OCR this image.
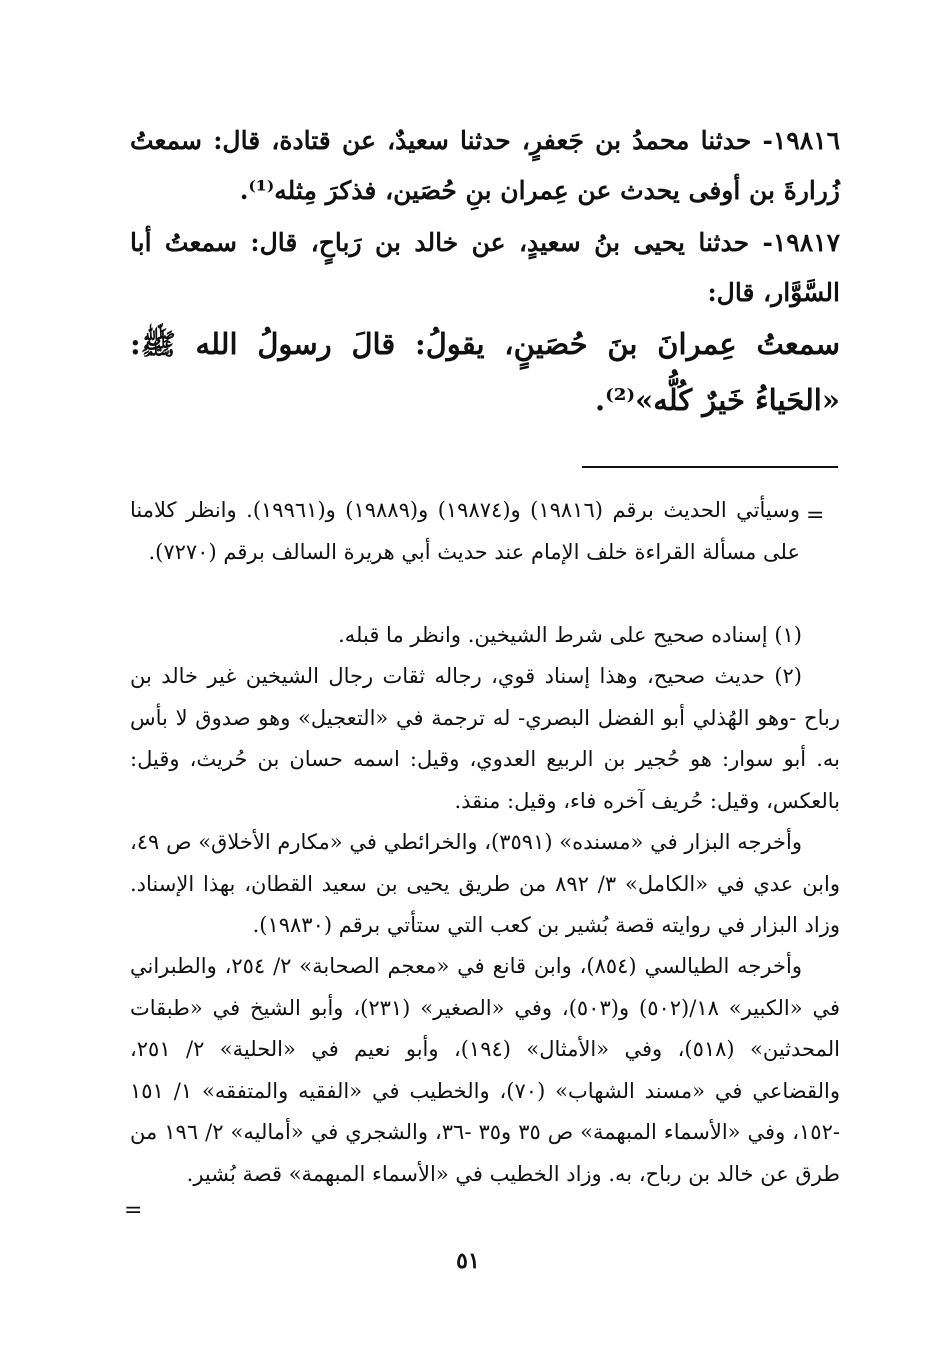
١٩٨١٦- حدثنا محمدُ بن جَعفرٍ، حدثنا سعيدٌ، عن قتادة، قال: سمعتُ زُرارةَ بن أوفى يحدث عن عِمران بنِ حُصَين، فذكرَ مِثله⁽¹⁾.

١٩٨١٧- حدثنا يحيى بنُ سعيدٍ، عن خالد بن رَباحٍ، قال: سمعتُ أبا السَّوَّار، قال:

سمعتُ عِمرانَ بنَ حُصَينٍ، يقولُ: قالَ رسولُ الله ﷺ: «الحَياءُ خَيرٌ كُلُّه»⁽²⁾.

=

وسيأتي الحديث برقم (١٩٨١٦) و(١٩٨٧٤) و(١٩٨٨٩) و(١٩٩٦١). وانظر كلامنا على مسألة القراءة خلف الإمام عند حديث أبي هريرة السالف برقم (٧٢٧٠).

(١) إسناده صحيح على شرط الشيخين. وانظر ما قبله.

(٢) حديث صحيح، وهذا إسناد قوي، رجاله ثقات رجال الشيخين غير خالد بن رباح -وهو الهُذلي أبو الفضل البصري- له ترجمة في «التعجيل» وهو صدوق لا بأس به. أبو سوار: هو حُجير بن الربيع العدوي، وقيل: اسمه حسان بن حُريث، وقيل: بالعكس، وقيل: حُريف آخره فاء، وقيل: منقذ.

وأخرجه البزار في «مسنده» (٣٥٩١)، والخرائطي في «مكارم الأخلاق» ص ٤٩، وابن عدي في «الكامل» ٣/ ٨٩٢ من طريق يحيى بن سعيد القطان، بهذا الإسناد. وزاد البزار في روايته قصة بُشير بن كعب التي ستأتي برقم (١٩٨٣٠).

وأخرجه الطيالسي (٨٥٤)، وابن قانع في «معجم الصحابة» ٢/ ٢٥٤، والطبراني في «الكبير» ١٨/(٥٠٢) و(٥٠٣)، وفي «الصغير» (٢٣١)، وأبو الشيخ في «طبقات المحدثين» (٥١٨)، وفي «الأمثال» (١٩٤)، وأبو نعيم في «الحلية» ٢/ ٢٥١، والقضاعي في «مسند الشهاب» (٧٠)، والخطيب في «الفقيه والمتفقه» ١/ ١٥١ -١٥٢، وفي «الأسماء المبهمة» ص ٣٥ و٣٥ -٣٦، والشجري في «أماليه» ٢/ ١٩٦ من طرق عن خالد بن رباح، به. وزاد الخطيب في «الأسماء المبهمة» قصة بُشير.

=
٥١
